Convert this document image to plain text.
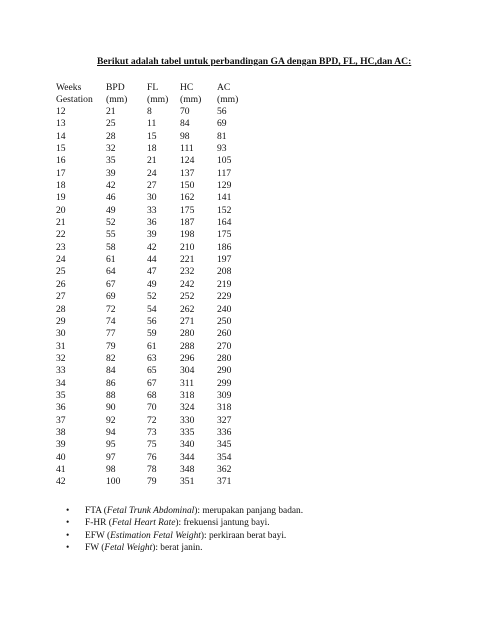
Berikut adalah tabel untuk perbandingan GA dengan BPD, FL, HC,dan AC:
Weeks	BPD FL HC AC
Gestation (mm) (mm) (mm) (mm)
12	21	8	70	56
13	25	11 84	69
14	28	15 98	81
15	32	18 111 93
16	35	21 124 105
17	39	24 137 117
18	42	27 150 129
19	46	30 162 141
20	49	33 175 152
21	52	36 187 164
22	55	39 198 175
23	58	42 210 186
24	61	44 221 197
25	64	47 232 208
26	67	49 242 219
27	69	52 252 229
28	72	54 262 240
29	74	56 271 250
30	77	59 280 260
31	79	61 288 270
32	82	63 296 280
33	84	65 304 290
34	86	67 311 299
35	88	68 318 309
36	90	70 324 318
37	92	72 330 327
38	94	73 335 336
39	95	75 340 345
40	97	76 344 354
41	98	78 348 362
42	100	79 351 371
• FTA (Fetal Trunk Abdominal): merupakan panjang badan.
• F-HR (Fetal Heart Rate): frekuensi jantung bayi.
• EFW (Estimation Fetal Weight): perkiraan berat bayi.
• FW (Fetal Weight): berat janin.
